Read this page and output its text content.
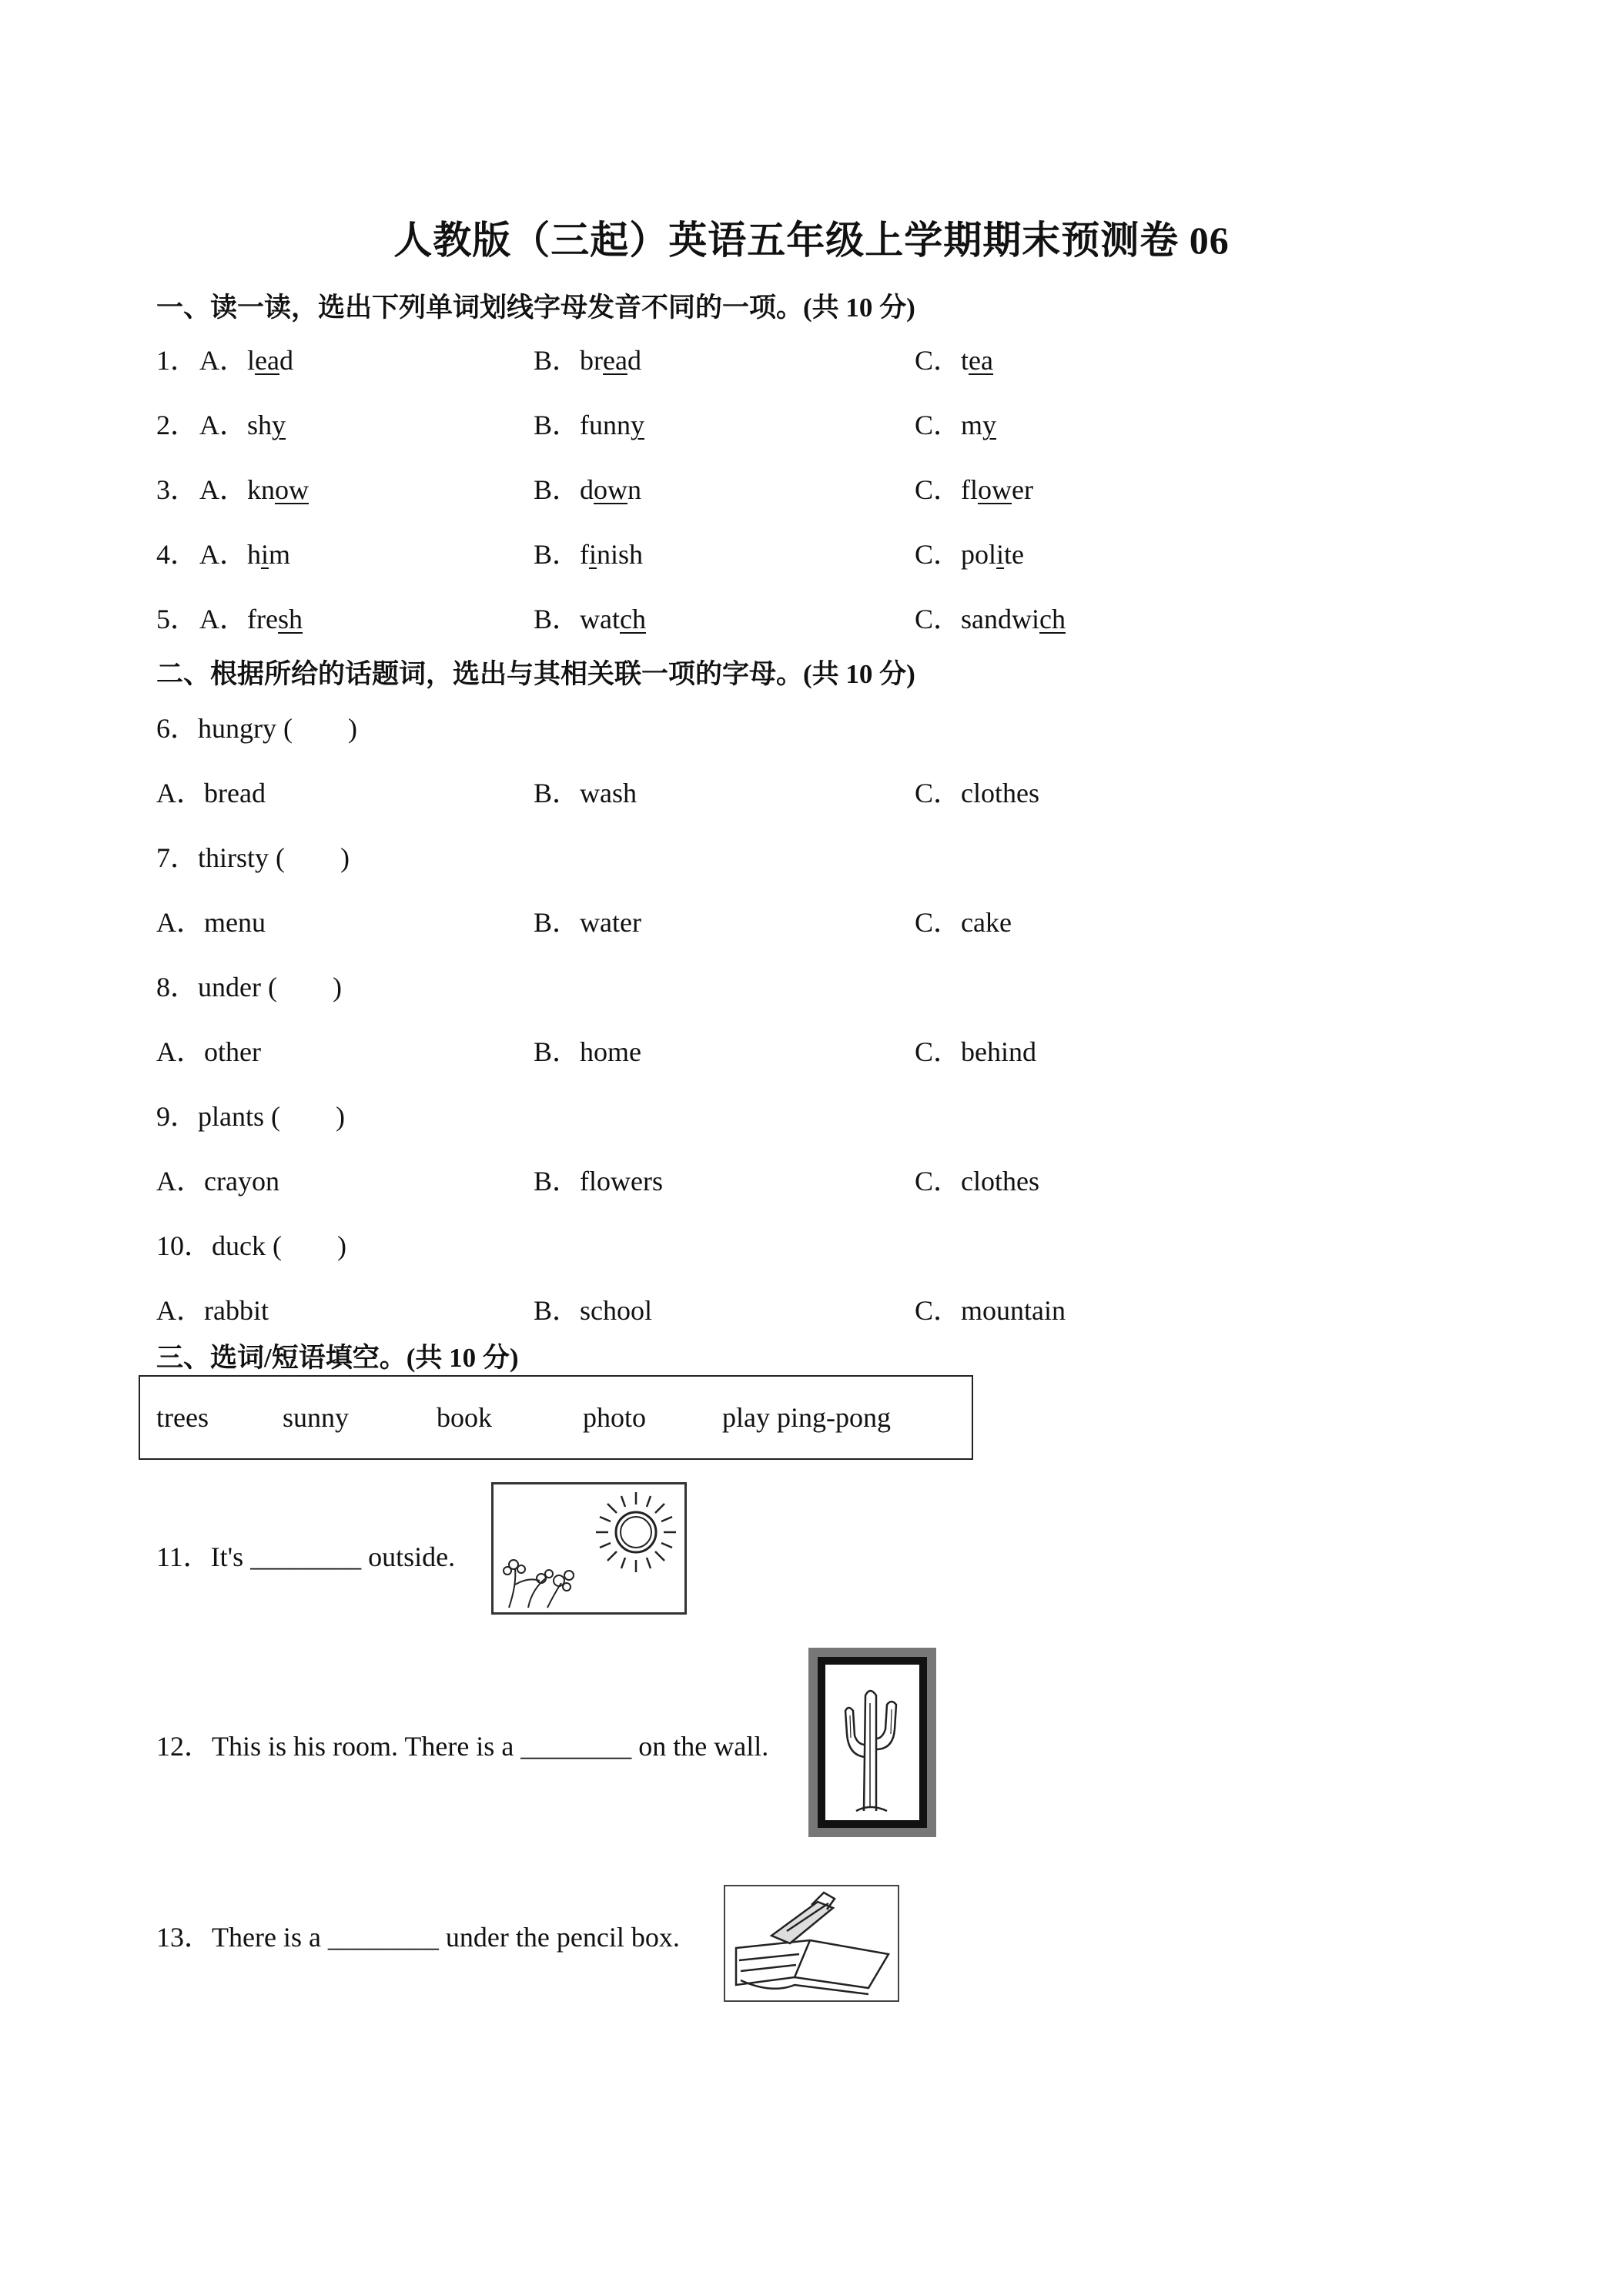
人教版（三起）英语五年级上学期期末预测卷 06
一、读一读，选出下列单词划线字母发音不同的一项。(共 10 分)
1． A．lead	B．bread	C．tea
2． A．shy	B．funny	C．my
3． A．know	B．down	C．flower
4． A．him	B．finish	C．polite
5． A．fresh	B．watch	C．sandwich
二、根据所给的话题词，选出与其相关联一项的字母。(共 10 分)
6．hungry (　　)
A．bread	B．wash	C．clothes
7．thirsty (　　)
A．menu	B．water	C．cake
8．under (　　)
A．other	B．home	C．behind
9．plants (　　)
A．crayon	B．flowers	C．clothes
10．duck (　　)
A．rabbit	B．school	C．mountain
三、选词/短语填空。(共 10 分)
trees	sunny	book	photo	play ping-pong
11．It's ________ outside.
12．This is his room. There is a ________ on the wall.
13．There is a ________ under the pencil box.
